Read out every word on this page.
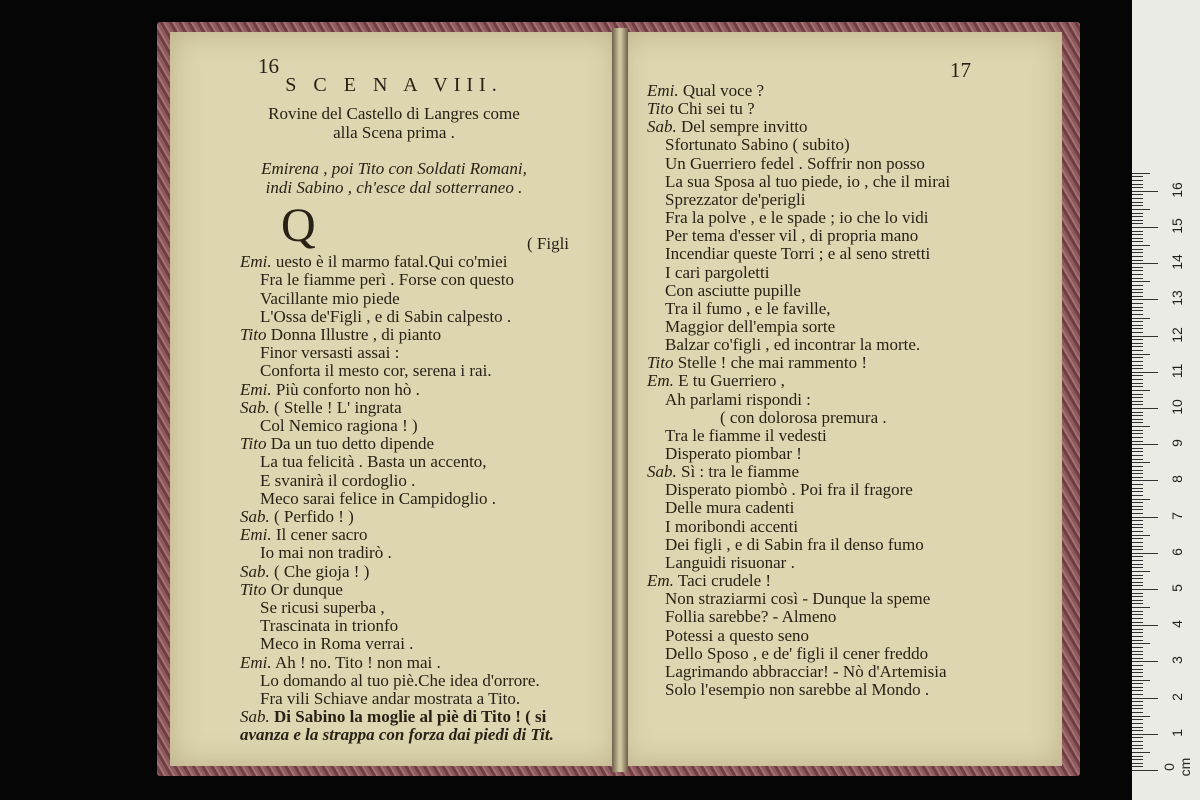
16
S C E N A VIII.
Rovine del Castello di Langres come
alla Scena prima .
Emirena , poi Tito con Soldati Romani,
indi Sabino , ch'esce dal sotterraneo .
Q	( Figli
Emi. uesto è il marmo fatal.Qui co'miei
Fra le fiamme perì . Forse con questo
Vacillante mio piede
L'Ossa de'Figli , e di Sabin calpesto .
Tito Donna Illustre , di pianto
Finor versasti assai :
Conforta il mesto cor, serena i rai.
Emi. Più conforto non hò .
Sab. ( Stelle ! L' ingrata
Col Nemico ragiona ! )
Tito Da un tuo detto dipende
La tua felicità . Basta un accento,
E svanirà il cordoglio .
Meco sarai felice in Campidoglio .
Sab. ( Perfido ! )
Emi. Il cener sacro
Io mai non tradirò .
Sab. ( Che gioja ! )
Tito Or dunque
Se ricusi superba ,
Trascinata in trionfo
Meco in Roma verrai .
Emi. Ah ! no. Tito ! non mai .
Lo domando al tuo piè.Che idea d'orrore.
Fra vili Schiave andar mostrata a Tito.
Sab. Di Sabino la moglie al piè di Tito ! ( si
avanza e la strappa con forza dai piedi di Tit.
17
Emi. Qual voce ?
Tito Chi sei tu ?
Sab. Del sempre invitto
Sfortunato Sabino ( subito)
Un Guerriero fedel . Soffrir non posso
La sua Sposa al tuo piede, io , che il mirai
Sprezzator de'perigli
Fra la polve , e le spade ; io che lo vidi
Per tema d'esser vil , di propria mano
Incendiar queste Torri ; e al seno stretti
I cari pargoletti
Con asciutte pupille
Tra il fumo , e le faville,
Maggior dell'empia sorte
Balzar co'figli , ed incontrar la morte.
Tito Stelle ! che mai rammento !
Em. E tu Guerriero ,
Ah parlami rispondi :
( con dolorosa premura .
Tra le fiamme il vedesti
Disperato piombar !
Sab. Sì : tra le fiamme
Disperato piombò . Poi fra il fragore
Delle mura cadenti
I moribondi accenti
Dei figli , e di Sabin fra il denso fumo
Languidi risuonar .
Em. Taci crudele !
Non straziarmi così - Dunque la speme
Follia sarebbe? - Almeno
Potessi a questo seno
Dello Sposo , e de' figli il cener freddo
Lagrimando abbracciar! - Nò d'Artemisia
Solo l'esempio non sarebbe al Mondo .
0 cm
1
2
3
4
5
6
7
8
9
10
11
12
13
14
15
16
